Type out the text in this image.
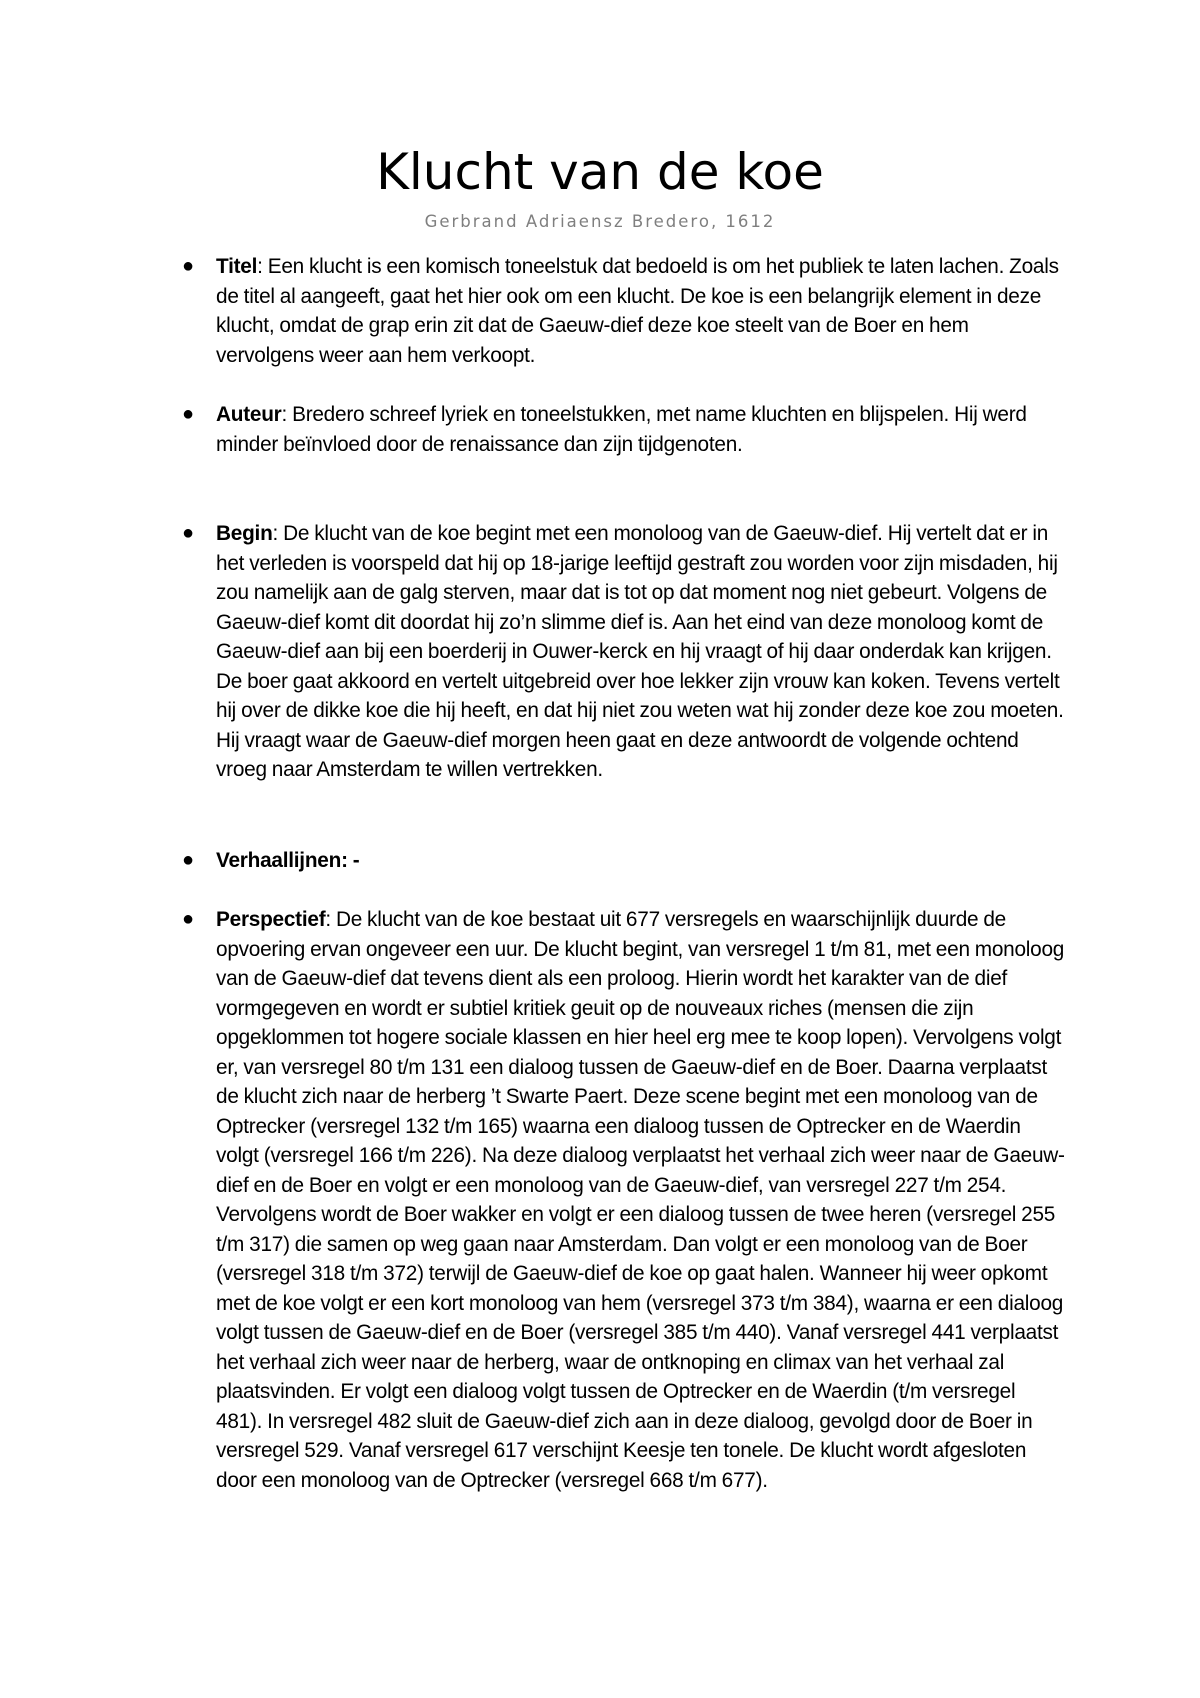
Klucht van de koe

Gerbrand Adriaensz Bredero, 1612

● Titel: Een klucht is een komisch toneelstuk dat bedoeld is om het publiek te laten lachen. Zoals de titel al aangeeft, gaat het hier ook om een klucht. De koe is een belangrijk element in deze klucht, omdat de grap erin zit dat de Gaeuw-dief deze koe steelt van de Boer en hem vervolgens weer aan hem verkoopt.
● Auteur: Bredero schreef lyriek en toneelstukken, met name kluchten en blijspelen. Hij werd minder beïnvloed door de renaissance dan zijn tijdgenoten.
● Begin: De klucht van de koe begint met een monoloog van de Gaeuw-dief. Hij vertelt dat er in het verleden is voorspeld dat hij op 18-jarige leeftijd gestraft zou worden voor zijn misdaden, hij zou namelijk aan de galg sterven, maar dat is tot op dat moment nog niet gebeurt. Volgens de Gaeuw-dief komt dit doordat hij zo’n slimme dief is. Aan het eind van deze monoloog komt de Gaeuw-dief aan bij een boerderij in Ouwer-kerck en hij vraagt of hij daar onderdak kan krijgen. De boer gaat akkoord en vertelt uitgebreid over hoe lekker zijn vrouw kan koken. Tevens vertelt hij over de dikke koe die hij heeft, en dat hij niet zou weten wat hij zonder deze koe zou moeten. Hij vraagt waar de Gaeuw-dief morgen heen gaat en deze antwoordt de volgende ochtend vroeg naar Amsterdam te willen vertrekken.
● Verhaallijnen: -
● Perspectief: De klucht van de koe bestaat uit 677 versregels en waarschijnlijk duurde de opvoering ervan ongeveer een uur. De klucht begint, van versregel 1 t/m 81, met een monoloog van de Gaeuw-dief dat tevens dient als een proloog. Hierin wordt het karakter van de dief vormgegeven en wordt er subtiel kritiek geuit op de nouveaux riches (mensen die zijn opgeklommen tot hogere sociale klassen en hier heel erg mee te koop lopen). Vervolgens volgt er, van versregel 80 t/m 131 een dialoog tussen de Gaeuw-dief en de Boer. Daarna verplaatst de klucht zich naar de herberg ’t Swarte Paert. Deze scene begint met een monoloog van de Optrecker (versregel 132 t/m 165) waarna een dialoog tussen de Optrecker en de Waerdin volgt (versregel 166 t/m 226). Na deze dialoog verplaatst het verhaal zich weer naar de Gaeuw-dief en de Boer en volgt er een monoloog van de Gaeuw-dief, van versregel 227 t/m 254. Vervolgens wordt de Boer wakker en volgt er een dialoog tussen de twee heren (versregel 255 t/m 317) die samen op weg gaan naar Amsterdam. Dan volgt er een monoloog van de Boer (versregel 318 t/m 372) terwijl de Gaeuw-dief de koe op gaat halen. Wanneer hij weer opkomt met de koe volgt er een kort monoloog van hem (versregel 373 t/m 384), waarna er een dialoog volgt tussen de Gaeuw-dief en de Boer (versregel 385 t/m 440). Vanaf versregel 441 verplaatst het verhaal zich weer naar de herberg, waar de ontknoping en climax van het verhaal zal plaatsvinden. Er volgt een dialoog volgt tussen de Optrecker en de Waerdin (t/m versregel 481). In versregel 482 sluit de Gaeuw-dief zich aan in deze dialoog, gevolgd door de Boer in versregel 529. Vanaf versregel 617 verschijnt Keesje ten tonele. De klucht wordt afgesloten door een monoloog van de Optrecker (versregel 668 t/m 677).
